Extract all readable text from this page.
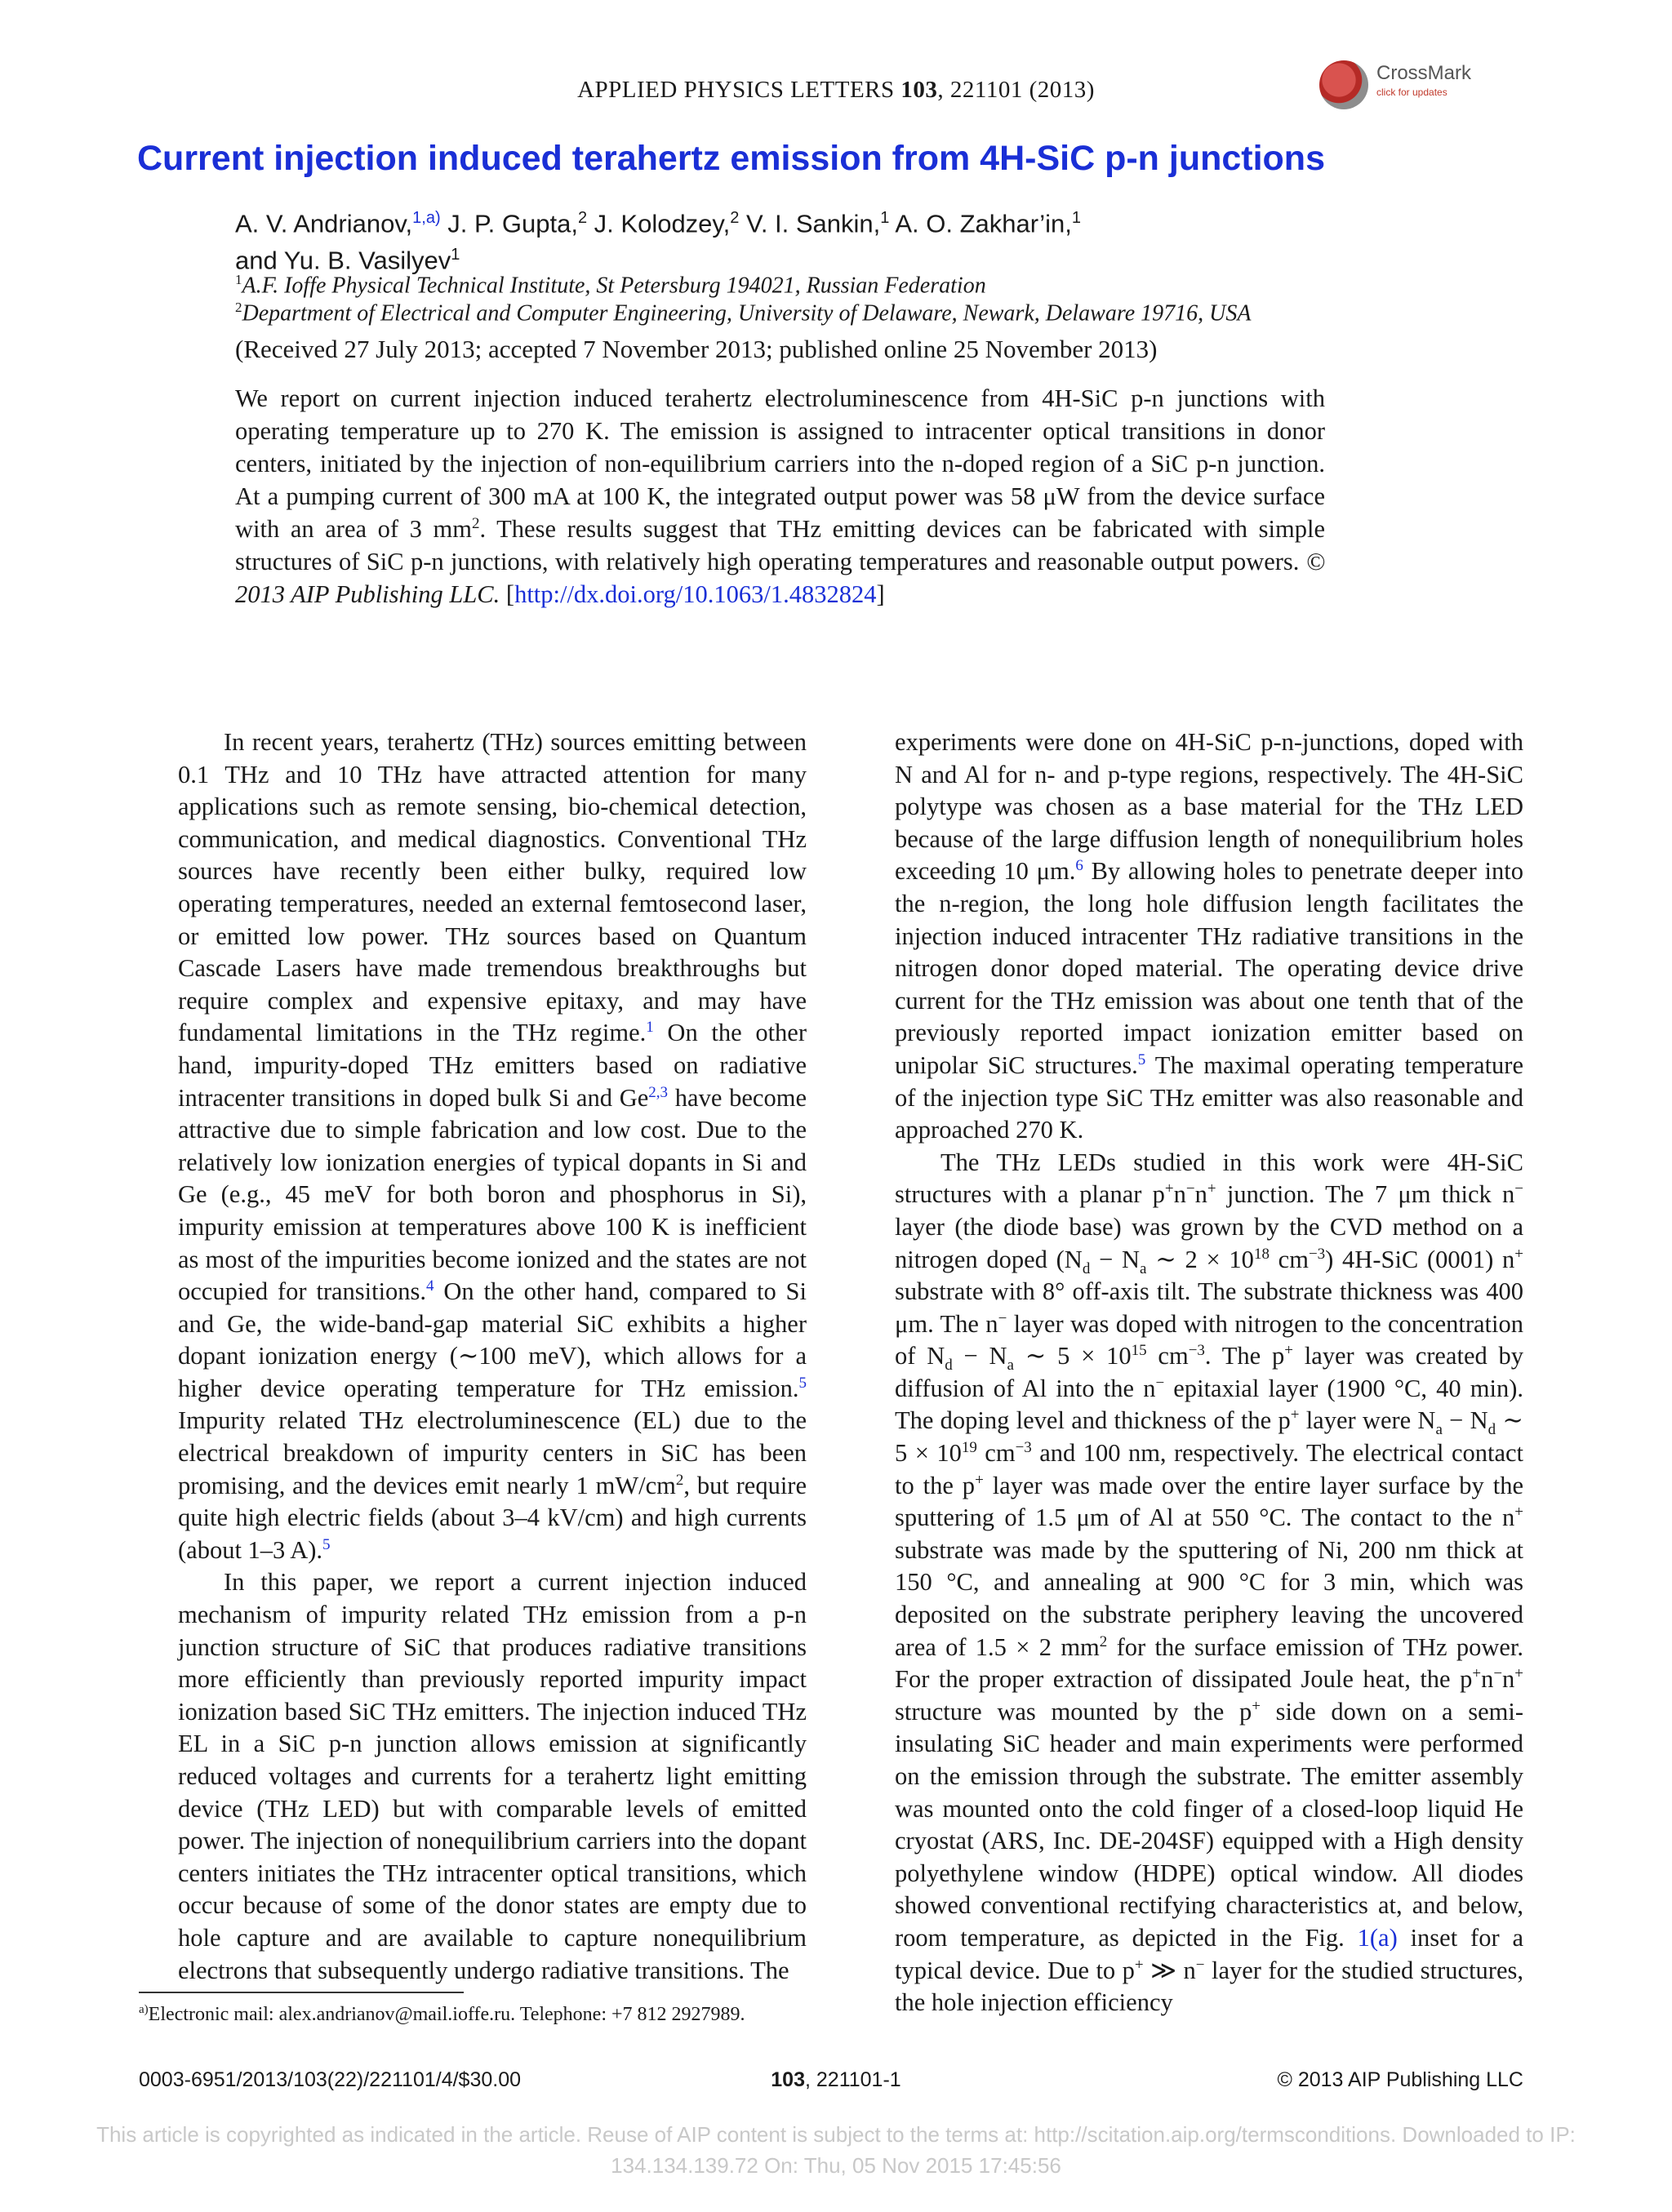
APPLIED PHYSICS LETTERS 103, 221101 (2013)
CrossMark
click for updates
Current injection induced terahertz emission from 4H-SiC p-n junctions
A. V. Andrianov,$^{1,a)}$ J. P. Gupta,$^2$ J. Kolodzey,$^2$ V. I. Sankin,$^1$ A. O. Zakhar’in,$^1$
and Yu. B. Vasilyev$^1$
$^1$A.F. Ioffe Physical Technical Institute, St Petersburg 194021, Russian Federation
$^2$Department of Electrical and Computer Engineering, University of Delaware, Newark, Delaware 19716, USA
(Received 27 July 2013; accepted 7 November 2013; published online 25 November 2013)
We report on current injection induced terahertz electroluminescence from 4H-SiC p-n junctions with operating temperature up to 270 K. The emission is assigned to intracenter optical transitions in donor centers, initiated by the injection of non-equilibrium carriers into the n-doped region of a SiC p-n junction. At a pumping current of 300 mA at 100 K, the integrated output power was 58 μW from the device surface with an area of 3 $mm^2$. These results suggest that THz emitting devices can be fabricated with simple structures of SiC p-n junctions, with relatively high operating temperatures and reasonable output powers. © 2013 AIP Publishing LLC. [http://dx.doi.org/10.1063/1.4832824]

In recent years, terahertz (THz) sources emitting between 0.1 THz and 10 THz have attracted attention for many applications such as remote sensing, bio-chemical detection, communication, and medical diagnostics. Conventional THz sources have recently been either bulky, required low operating temperatures, needed an external femtosecond laser, or emitted low power. THz sources based on Quantum Cascade Lasers have made tremendous breakthroughs but require complex and expensive epitaxy, and may have fundamental limitations in the THz regime.$^1$ On the other hand, impurity-doped THz emitters based on radiative intracenter transitions in doped bulk Si and Ge$^{2,3}$ have become attractive due to simple fabrication and low cost. Due to the relatively low ionization energies of typical dopants in Si and Ge (e.g., 45 meV for both boron and phosphorus in Si), impurity emission at temperatures above 100 K is inefficient as most of the impurities become ionized and the states are not occupied for transitions.$^4$ On the other hand, compared to Si and Ge, the wide-band-gap material SiC exhibits a higher dopant ionization energy (∼100 meV), which allows for a higher device operating temperature for THz emission.$^5$ Impurity related THz electroluminescence (EL) due to the electrical breakdown of impurity centers in SiC has been promising, and the devices emit nearly 1 $mW/cm^2$, but require quite high electric fields (about 3–4 kV/cm) and high currents (about 1–3 A).$^5$

In this paper, we report a current injection induced mechanism of impurity related THz emission from a p-n junction structure of SiC that produces radiative transitions more efficiently than previously reported impurity impact ionization based SiC THz emitters. The injection induced THz EL in a SiC p-n junction allows emission at significantly reduced voltages and currents for a terahertz light emitting device (THz LED) but with comparable levels of emitted power. The injection of nonequilibrium carriers into the dopant centers initiates the THz intracenter optical transitions, which occur because of some of the donor states are empty due to hole capture and are available to capture nonequilibrium electrons that subsequently undergo radiative transitions. The

experiments were done on 4H-SiC p-n-junctions, doped with N and Al for n- and p-type regions, respectively. The 4H-SiC polytype was chosen as a base material for the THz LED because of the large diffusion length of nonequilibrium holes exceeding 10 μm.$^6$ By allowing holes to penetrate deeper into the n-region, the long hole diffusion length facilitates the injection induced intracenter THz radiative transitions in the nitrogen donor doped material. The operating device drive current for the THz emission was about one tenth that of the previously reported impact ionization emitter based on unipolar SiC structures.$^5$ The maximal operating temperature of the injection type SiC THz emitter was also reasonable and approached 270 K.

The THz LEDs studied in this work were 4H-SiC structures with a planar p+n−n+ junction. The 7 μm thick n− layer (the diode base) was grown by the CVD method on a nitrogen doped ($N_d - N_a$ ∼ $2 \times 10^{18}$ $cm^{-3}$) 4H-SiC (0001) n+ substrate with 8° off-axis tilt. The substrate thickness was 400 μm. The n− layer was doped with nitrogen to the concentration of $N_d - N_a$ ∼ $5 \times 10^{15}$ $cm^{-3}$. The p+ layer was created by diffusion of Al into the n− epitaxial layer (1900 °C, 40 min). The doping level and thickness of the p+ layer were $N_a - N_d$ ∼ $5 \times 10^{19}$ $cm^{-3}$ and 100 nm, respectively. The electrical contact to the p+ layer was made over the entire layer surface by the sputtering of 1.5 μm of Al at 550 °C. The contact to the n+ substrate was made by the sputtering of Ni, 200 nm thick at 150 °C, and annealing at 900 °C for 3 min, which was deposited on the substrate periphery leaving the uncovered area of 1.5 × 2 $mm^2$ for the surface emission of THz power. For the proper extraction of dissipated Joule heat, the p+n−n+ structure was mounted by the p+ side down on a semi- insulating SiC header and main experiments were performed on the emission through the substrate. The emitter assembly was mounted onto the cold finger of a closed-loop liquid He cryostat (ARS, Inc. DE-204SF) equipped with a High density polyethylene window (HDPE) optical window. All diodes showed conventional rectifying characteristics at, and below, room temperature, as depicted in the Fig. 1(a) inset for a typical device. Due to p+ ≫ n− layer for the studied structures, the hole injection efficiency

$^{a)}$Electronic mail: alex.andrianov@mail.ioffe.ru. Telephone: +7 812 2927989.
0003-6951/2013/103(22)/221101/4/$30.00	103, 221101-1	© 2013 AIP Publishing LLC
This article is copyrighted as indicated in the article. Reuse of AIP content is subject to the terms at: http://scitation.aip.org/termsconditions. Downloaded to IP:
134.134.139.72 On: Thu, 05 Nov 2015 17:45:56
